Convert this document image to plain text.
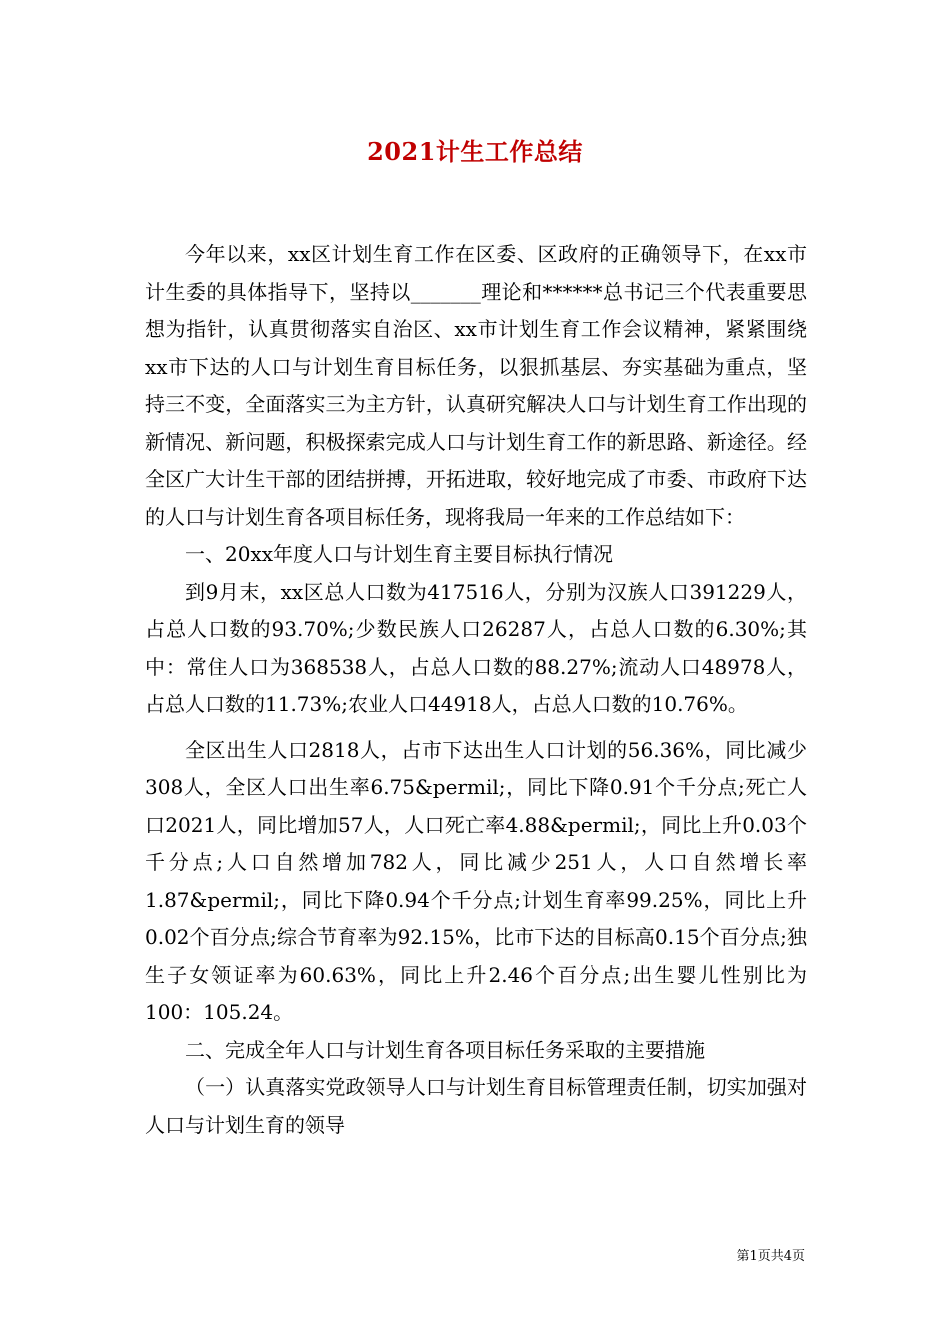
2021计生工作总结

今年以来，xx区计划生育工作在区委、区政府的正确领导下，在xx市计生委的具体指导下，坚持以_______理论和******总书记三个代表重要思想为指针，认真贯彻落实自治区、xx市计划生育工作会议精神，紧紧围绕xx市下达的人口与计划生育目标任务，以狠抓基层、夯实基础为重点，坚持三不变，全面落实三为主方针，认真研究解决人口与计划生育工作出现的新情况、新问题，积极探索完成人口与计划生育工作的新思路、新途径。经全区广大计生干部的团结拼搏，开拓进取，较好地完成了市委、市政府下达的人口与计划生育各项目标任务，现将我局一年来的工作总结如下：

一、20xx年度人口与计划生育主要目标执行情况

到9月末，xx区总人口数为417516人，分别为汉族人口391229人，占总人口数的93.70%;少数民族人口26287人，占总人口数的6.30%;其中：常住人口为368538人，占总人口数的88.27%;流动人口48978人，占总人口数的11.73%;农业人口44918人，占总人口数的10.76%。

全区出生人口2818人，占市下达出生人口计划的56.36%，同比减少308人，全区人口出生率6.75&permil;，同比下降0.91个千分点;死亡人口2021人，同比增加57人，人口死亡率4.88&permil;，同比上升0.03个千分点;人口自然增加782人，同比减少251人，人口自然增长率1.87&permil;，同比下降0.94个千分点;计划生育率99.25%，同比上升0.02个百分点;综合节育率为92.15%，比市下达的目标高0.15个百分点;独生子女领证率为60.63%，同比上升2.46个百分点;出生婴儿性别比为100：105.24。

二、完成全年人口与计划生育各项目标任务采取的主要措施

（一）认真落实党政领导人口与计划生育目标管理责任制，切实加强对人口与计划生育的领导

第1页共4页
